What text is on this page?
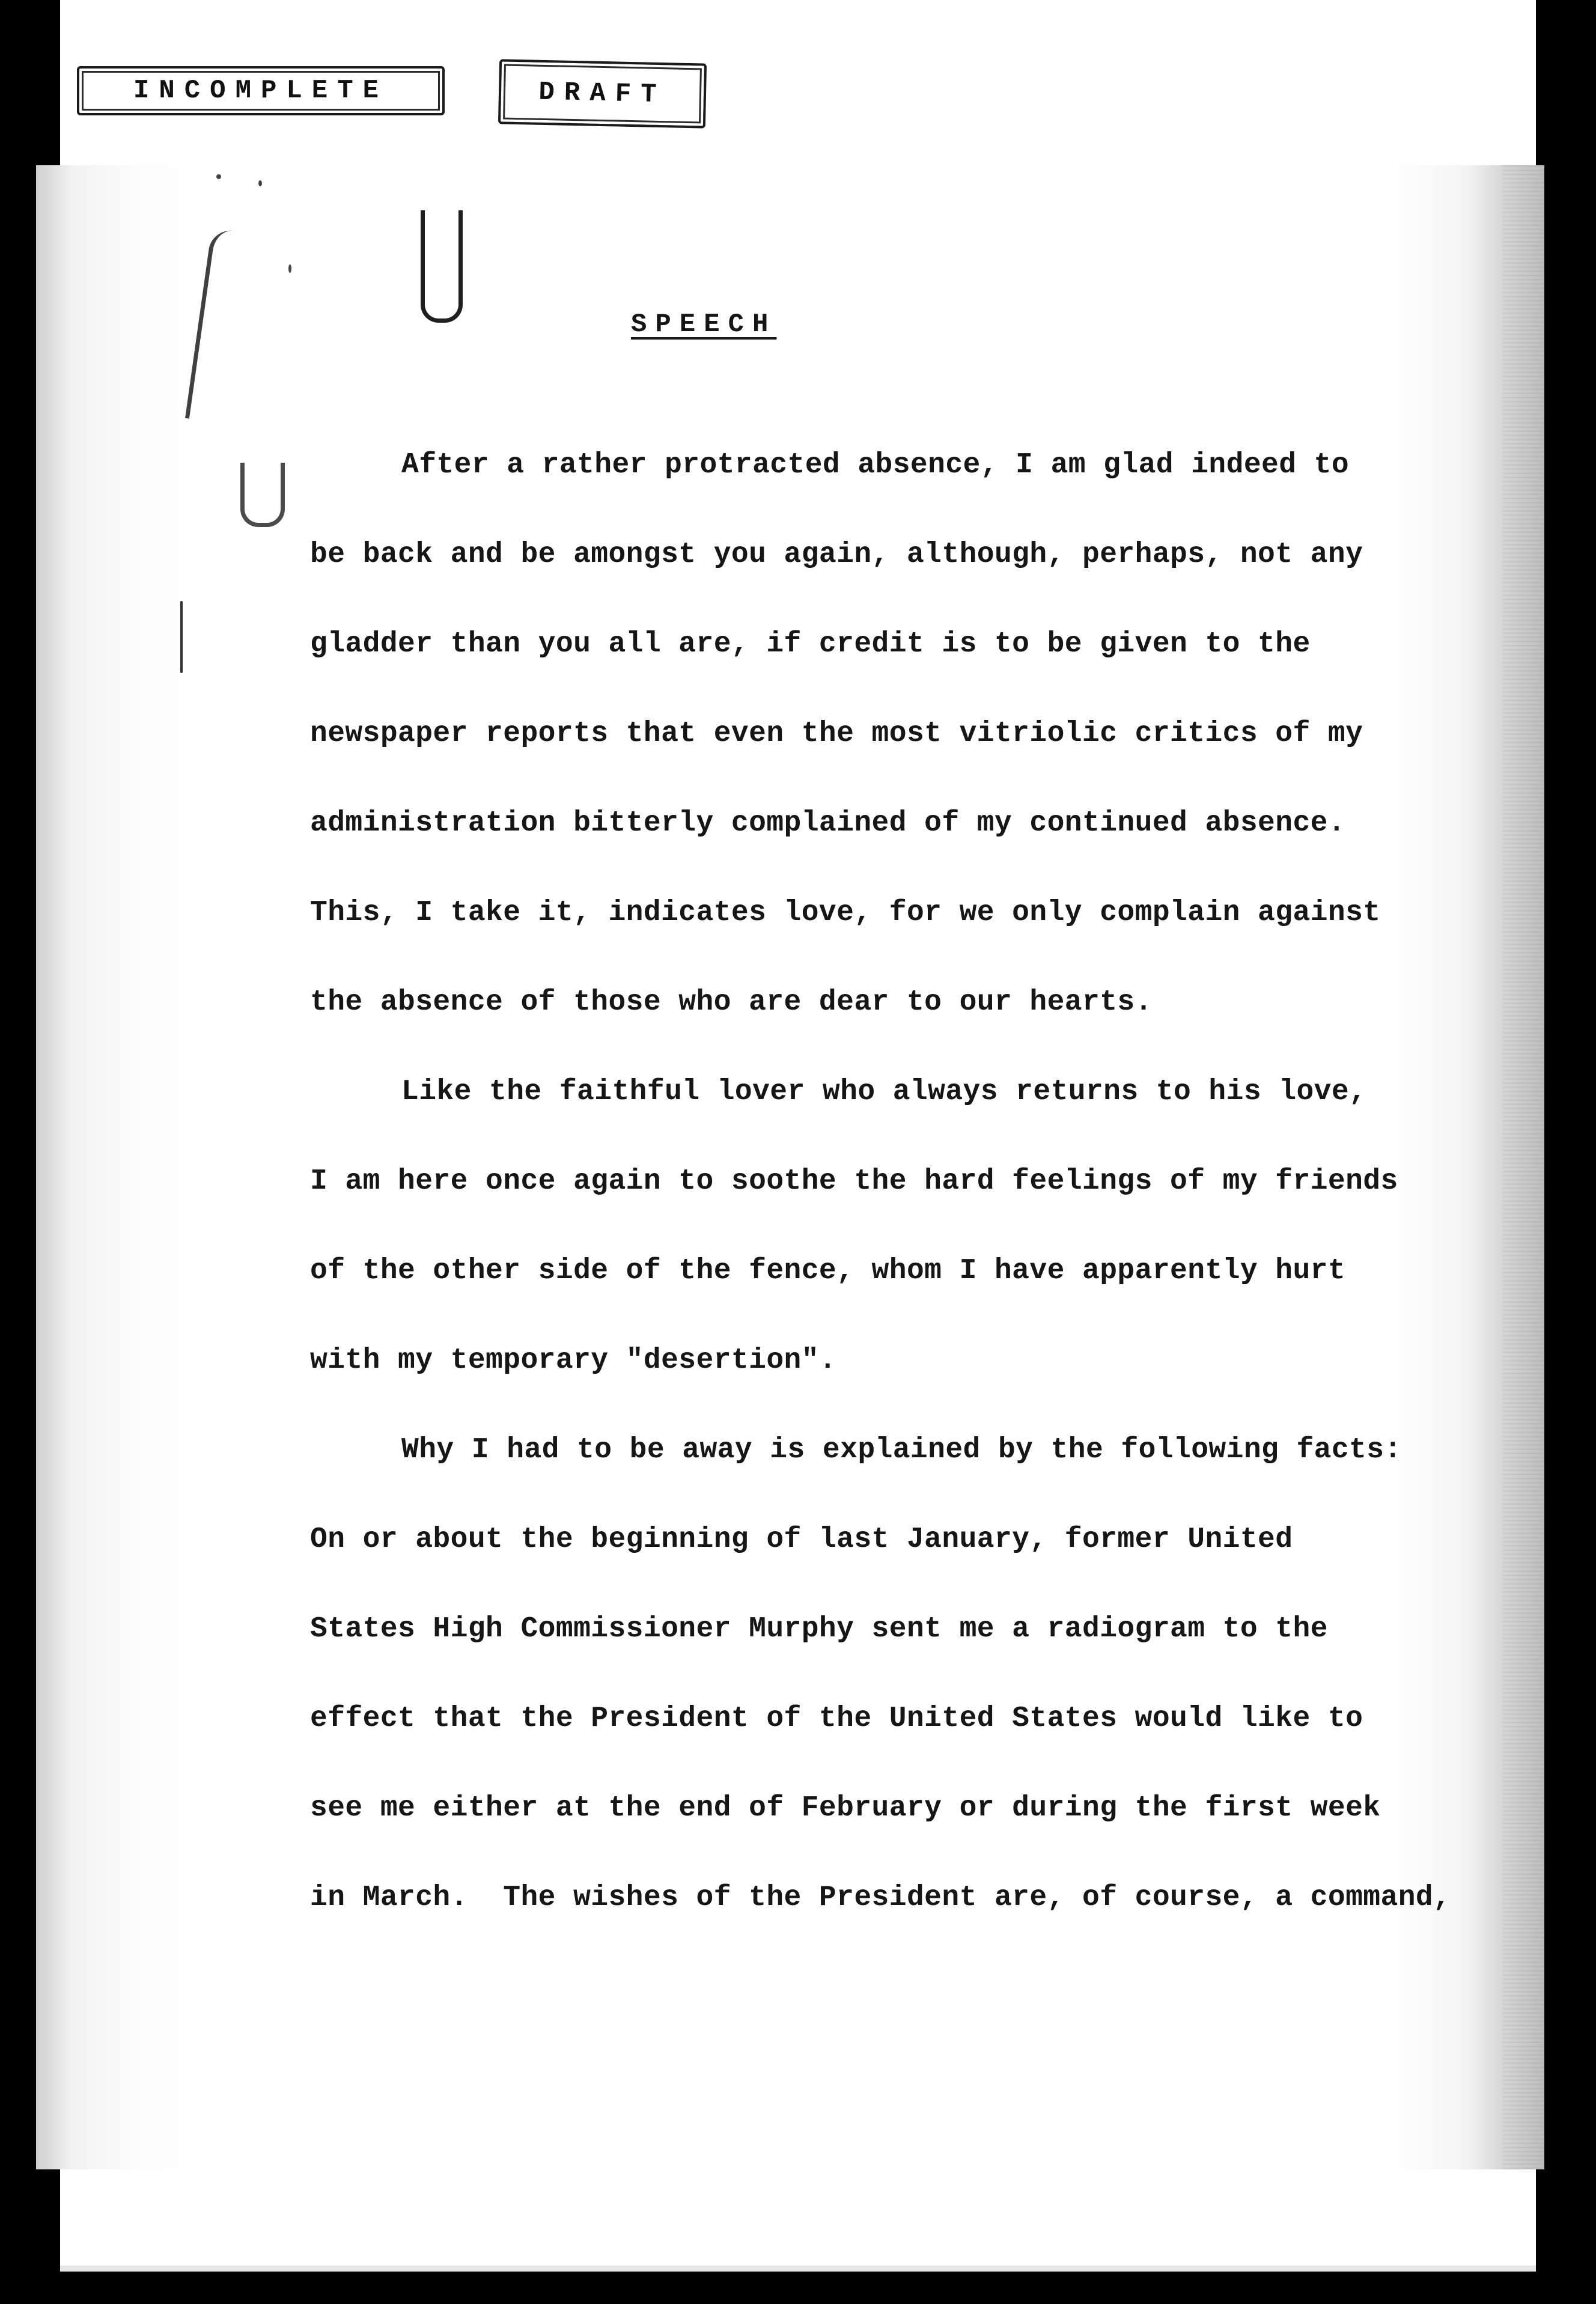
INCOMPLETE	DRAFT
SPEECH

After a rather protracted absence, I am glad indeed to

be back and be amongst you again, although, perhaps, not any

gladder than you all are, if credit is to be given to the

newspaper reports that even the most vitriolic critics of my

administration bitterly complained of my continued absence.

This, I take it, indicates love, for we only complain against

the absence of those who are dear to our hearts.

Like the faithful lover who always returns to his love,

I am here once again to soothe the hard feelings of my friends

of the other side of the fence, whom I have apparently hurt

with my temporary "desertion".

Why I had to be away is explained by the following facts:

On or about the beginning of last January, former United

States High Commissioner Murphy sent me a radiogram to the

effect that the President of the United States would like to

see me either at the end of February or during the first week

in March.  The wishes of the President are, of course, a command,
